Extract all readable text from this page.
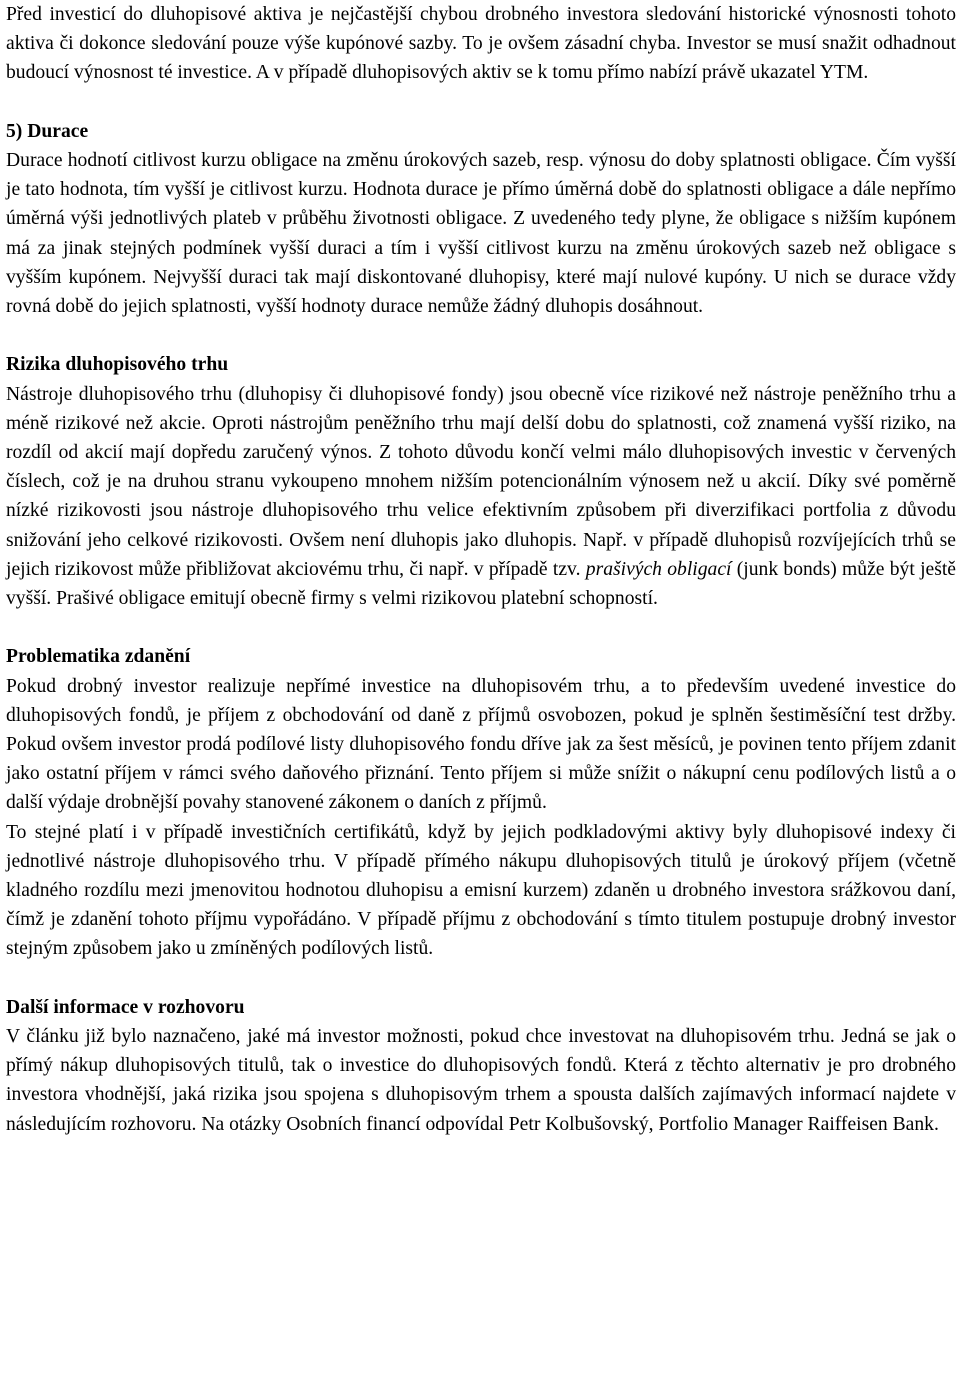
Před investicí do dluhopisové aktiva je nejčastější chybou drobného investora sledování historické výnosnosti tohoto aktiva či dokonce sledování pouze výše kupónové sazby. To je ovšem zásadní chyba. Investor se musí snažit odhadnout budoucí výnosnost té investice. A v případě dluhopisových aktiv se k tomu přímo nabízí právě ukazatel YTM.

5) Durace

Durace hodnotí citlivost kurzu obligace na změnu úrokových sazeb, resp. výnosu do doby splatnosti obligace. Čím vyšší je tato hodnota, tím vyšší je citlivost kurzu. Hodnota durace je přímo úměrná době do splatnosti obligace a dále nepřímo úměrná výši jednotlivých plateb v průběhu životnosti obligace. Z uvedeného tedy plyne, že obligace s nižším kupónem má za jinak stejných podmínek vyšší duraci a tím i vyšší citlivost kurzu na změnu úrokových sazeb než obligace s vyšším kupónem. Nejvyšší duraci tak mají diskontované dluhopisy, které mají nulové kupóny. U nich se durace vždy rovná době do jejich splatnosti, vyšší hodnoty durace nemůže žádný dluhopis dosáhnout.

Rizika dluhopisového trhu

Nástroje dluhopisového trhu (dluhopisy či dluhopisové fondy) jsou obecně více rizikové než nástroje peněžního trhu a méně rizikové než akcie. Oproti nástrojům peněžního trhu mají delší dobu do splatnosti, což znamená vyšší riziko, na rozdíl od akcií mají dopředu zaručený výnos. Z tohoto důvodu končí velmi málo dluhopisových investic v červených číslech, což je na druhou stranu vykoupeno mnohem nižším potencionálním výnosem než u akcií. Díky své poměrně nízké rizikovosti jsou nástroje dluhopisového trhu velice efektivním způsobem při diverzifikaci portfolia z důvodu snižování jeho celkové rizikovosti. Ovšem není dluhopis jako dluhopis. Např. v případě dluhopisů rozvíjejících trhů se jejich rizikovost může přibližovat akciovému trhu, či např. v případě tzv. prašivých obligací (junk bonds) může být ještě vyšší. Prašivé obligace emitují obecně firmy s velmi rizikovou platební schopností.

Problematika zdanění

Pokud drobný investor realizuje nepřímé investice na dluhopisovém trhu, a to především uvedené investice do dluhopisových fondů, je příjem z obchodování od daně z příjmů osvobozen, pokud je splněn šestiměsíční test držby. Pokud ovšem investor prodá podílové listy dluhopisového fondu dříve jak za šest měsíců, je povinen tento příjem zdanit jako ostatní příjem v rámci svého daňového přiznání. Tento příjem si může snížit o nákupní cenu podílových listů a o další výdaje drobnější povahy stanovené zákonem o daních z příjmů.

To stejné platí i v případě investičních certifikátů, když by jejich podkladovými aktivy byly dluhopisové indexy či jednotlivé nástroje dluhopisového trhu. V případě přímého nákupu dluhopisových titulů je úrokový příjem (včetně kladného rozdílu mezi jmenovitou hodnotou dluhopisu a emisní kurzem) zdaněn u drobného investora srážkovou daní, čímž je zdanění tohoto příjmu vypořádáno. V případě příjmu z obchodování s tímto titulem postupuje drobný investor stejným způsobem jako u zmíněných podílových listů.

Další informace v rozhovoru

V článku již bylo naznačeno, jaké má investor možnosti, pokud chce investovat na dluhopisovém trhu. Jedná se jak o přímý nákup dluhopisových titulů, tak o investice do dluhopisových fondů. Která z těchto alternativ je pro drobného investora vhodnější, jaká rizika jsou spojena s dluhopisovým trhem a spousta dalších zajímavých informací najdete v následujícím rozhovoru. Na otázky Osobních financí odpovídal Petr Kolbušovský, Portfolio Manager Raiffeisen Bank.
